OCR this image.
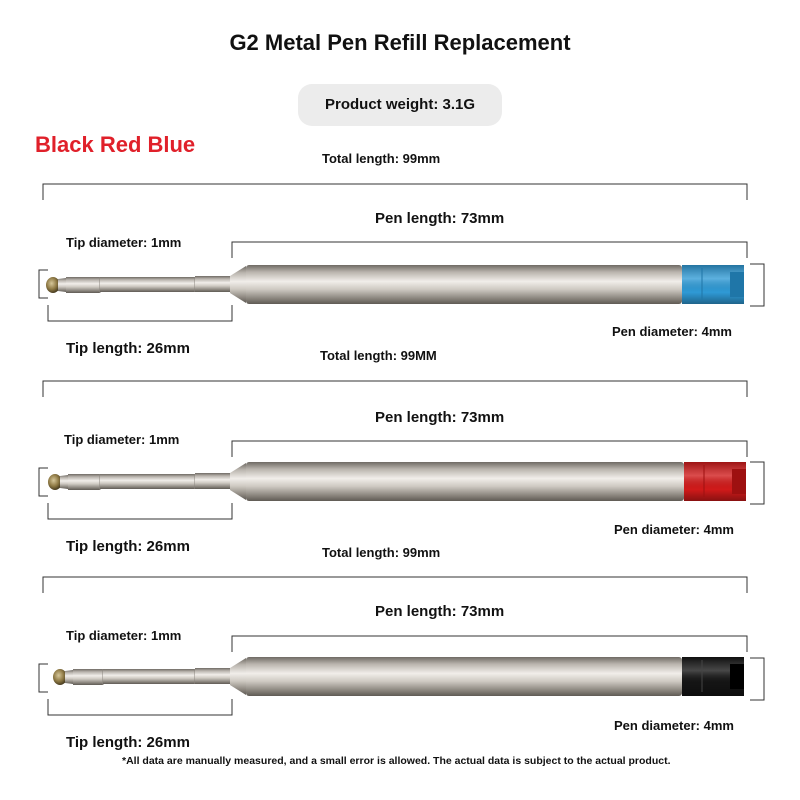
G2 Metal Pen Refill Replacement
Product weight: 3.1G
Black Red Blue
Total length: 99mm
Pen length: 73mm
Tip diameter: 1mm
Tip length: 26mm
Pen diameter: 4mm
Total length: 99MM
Pen length: 73mm
Tip diameter: 1mm
Tip length: 26mm
Pen diameter: 4mm
Total length: 99mm
Pen length: 73mm
Tip diameter: 1mm
Tip length: 26mm
Pen diameter: 4mm
*All data are manually measured, and a small error is allowed. The actual data is subject to the actual product.
